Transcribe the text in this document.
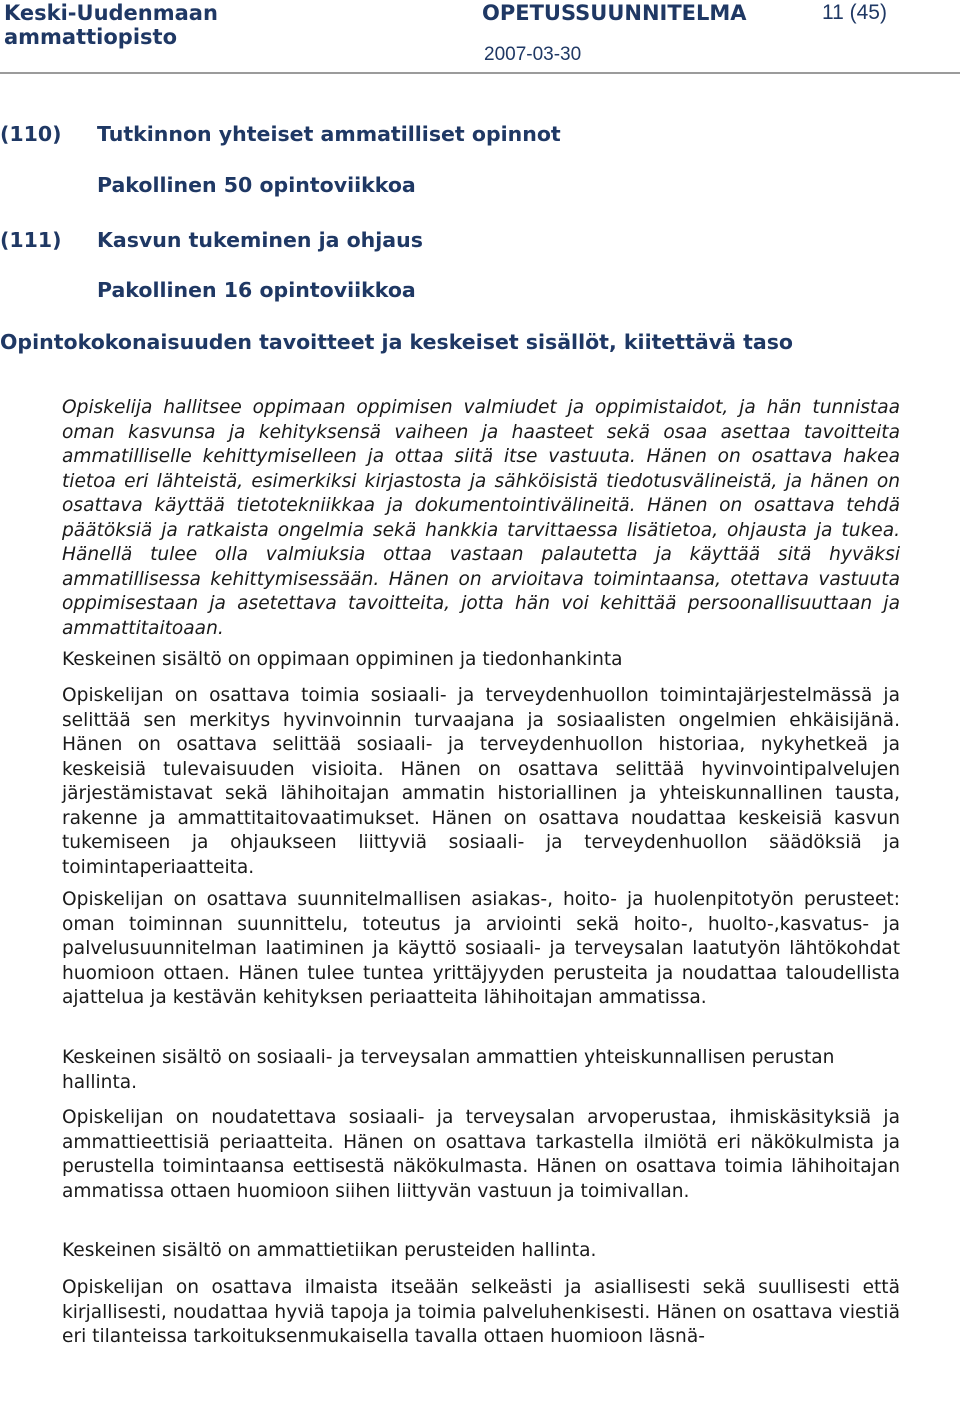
Keski-Uudenmaan
ammattiopisto
OPETUSSUUNNITELMA	11 (45)
2007-03-30
(110) Tutkinnon yhteiset ammatilliset opinnot
Pakollinen 50 opintoviikkoa
(111) Kasvun tukeminen ja ohjaus
Pakollinen 16 opintoviikkoa
Opintokokonaisuuden tavoitteet ja keskeiset sisällöt, kiitettävä taso

Opiskelija hallitsee oppimaan oppimisen valmiudet ja oppimistaidot, ja hän tunnistaa oman kasvunsa ja kehityksensä vaiheen ja haasteet sekä osaa asettaa tavoitteita ammatilliselle kehittymiselleen ja ottaa siitä itse vastuuta. Hänen on osattava hakea tietoa eri lähteistä, esimerkiksi kirjastosta ja sähköisistä tiedotusvälineistä, ja hänen on osattava käyttää tietotekniikkaa ja dokumentointivälineitä. Hänen on osattava tehdä päätöksiä ja ratkaista ongelmia sekä hankkia tarvittaessa lisätietoa, ohjausta ja tukea. Hänellä tulee olla valmiuksia ottaa vastaan palautetta ja käyttää sitä hyväksi ammatillisessa kehittymisessään. Hänen on arvioitava toimintaansa, otettava vastuuta oppimisestaan ja asetettava tavoitteita, jotta hän voi kehittää persoonallisuuttaan ja ammattitaitoaan.

Keskeinen sisältö on oppimaan oppiminen ja tiedonhankinta

Opiskelijan on osattava toimia sosiaali- ja terveydenhuollon toimintajärjestelmässä ja selittää sen merkitys hyvinvoinnin turvaajana ja sosiaalisten ongelmien ehkäisijänä. Hänen on osattava selittää sosiaali- ja terveydenhuollon historiaa, nykyhetkeä ja keskeisiä tulevaisuuden visioita. Hänen on osattava selittää hyvinvointipalvelujen järjestämistavat sekä lähihoitajan ammatin historiallinen ja yhteiskunnallinen tausta, rakenne ja ammattitaitovaatimukset. Hänen on osattava noudattaa keskeisiä kasvun tukemiseen ja ohjaukseen liittyviä sosiaali- ja terveydenhuollon säädöksiä ja toimintaperiaatteita.

Opiskelijan on osattava suunnitelmallisen asiakas-, hoito- ja huolenpitotyön perusteet: oman toiminnan suunnittelu, toteutus ja arviointi sekä hoito-, huolto-,kasvatus- ja palvelusuunnitelman laatiminen ja käyttö sosiaali- ja terveysalan laatutyön lähtökohdat huomioon ottaen. Hänen tulee tuntea yrittäjyyden perusteita ja noudattaa taloudellista ajattelua ja kestävän kehityksen periaatteita lähihoitajan ammatissa.

Keskeinen sisältö on sosiaali- ja terveysalan ammattien yhteiskunnallisen perustan hallinta.

Opiskelijan on noudatettava sosiaali- ja terveysalan arvoperustaa, ihmiskäsityksiä ja ammattieettisiä periaatteita. Hänen on osattava tarkastella ilmiötä eri näkökulmista ja perustella toimintaansa eettisestä näkökulmasta. Hänen on osattava toimia lähihoitajan ammatissa ottaen huomioon siihen liittyvän vastuun ja toimivallan.

Keskeinen sisältö on ammattietiikan perusteiden hallinta.

Opiskelijan on osattava ilmaista itseään selkeästi ja asiallisesti sekä suullisesti että kirjallisesti, noudattaa hyviä tapoja ja toimia palveluhenkisesti. Hänen on osattava viestiä eri tilanteissa tarkoituksenmukaisella tavalla ottaen huomioon läsnä-
